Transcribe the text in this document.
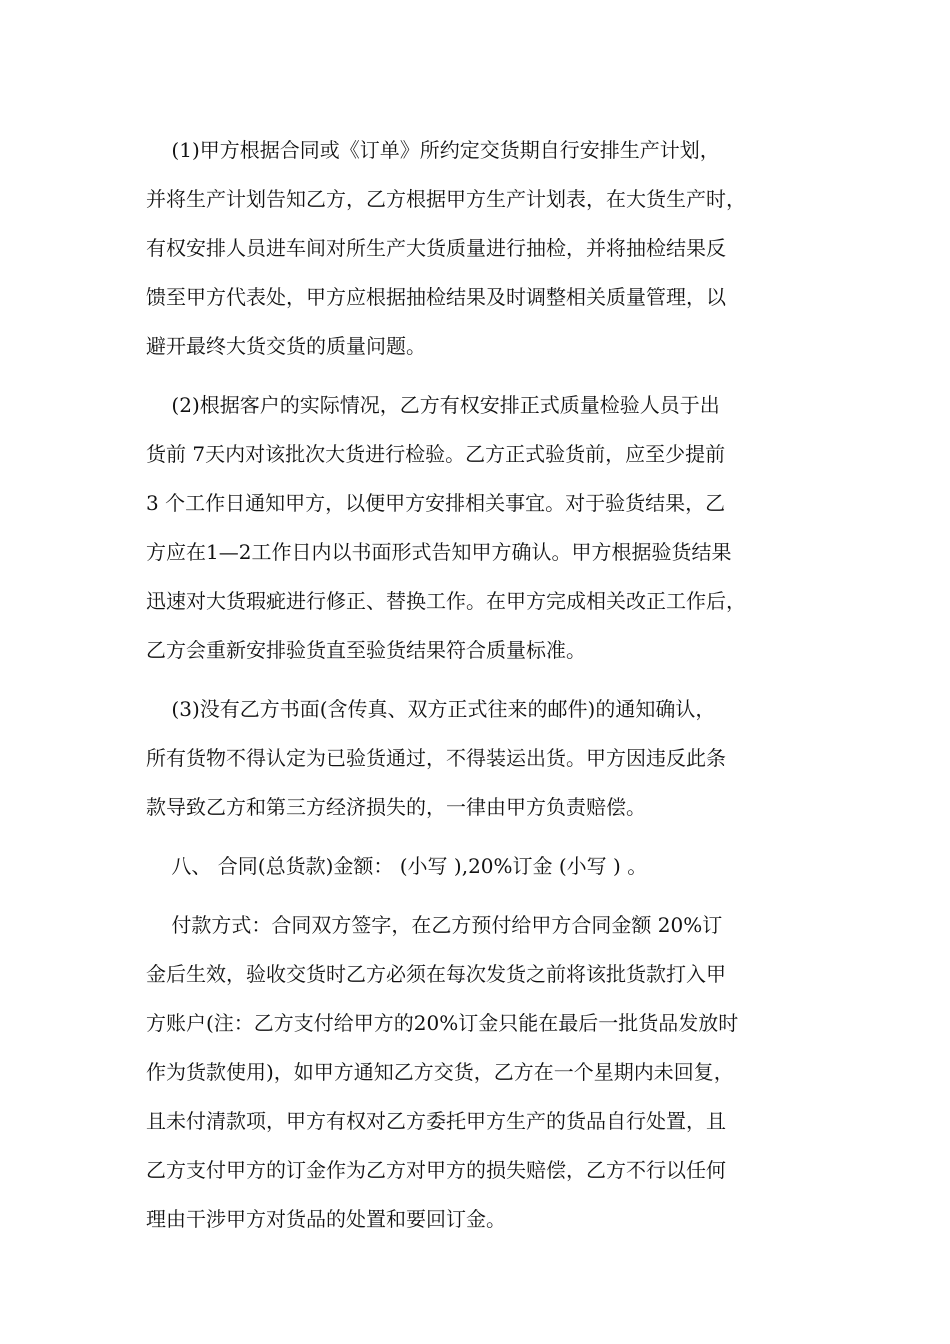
(1)甲方根据合同或《订单》所约定交货期自行安排生产计划，
并将生产计划告知乙方，乙方根据甲方生产计划表，在大货生产时，
有权安排人员进车间对所生产大货质量进行抽检，并将抽检结果反
馈至甲方代表处，甲方应根据抽检结果及时调整相关质量管理，以
避开最终大货交货的质量问题。
(2)根据客户的实际情况，乙方有权安排正式质量检验人员于出
货前 7天内对该批次大货进行检验。乙方正式验货前，应至少提前
3 个工作日通知甲方，以便甲方安排相关事宜。对于验货结果，乙
方应在1—2工作日内以书面形式告知甲方确认。甲方根据验货结果
迅速对大货瑕疵进行修正、替换工作。在甲方完成相关改正工作后，
乙方会重新安排验货直至验货结果符合质量标准。
(3)没有乙方书面(含传真、双方正式往来的邮件)的通知确认，
所有货物不得认定为已验货通过，不得装运出货。甲方因违反此条
款导致乙方和第三方经济损失的，一律由甲方负责赔偿。
八、 合同(总货款)金额： (小写 ),20%订金 (小写 ) 。
付款方式：合同双方签字，在乙方预付给甲方合同金额 20%订
金后生效，验收交货时乙方必须在每次发货之前将该批货款打入甲
方账户(注：乙方支付给甲方的20%订金只能在最后一批货品发放时
作为货款使用)，如甲方通知乙方交货，乙方在一个星期内未回复，
且未付清款项，甲方有权对乙方委托甲方生产的货品自行处置，且
乙方支付甲方的订金作为乙方对甲方的损失赔偿，乙方不行以任何
理由干涉甲方对货品的处置和要回订金。
